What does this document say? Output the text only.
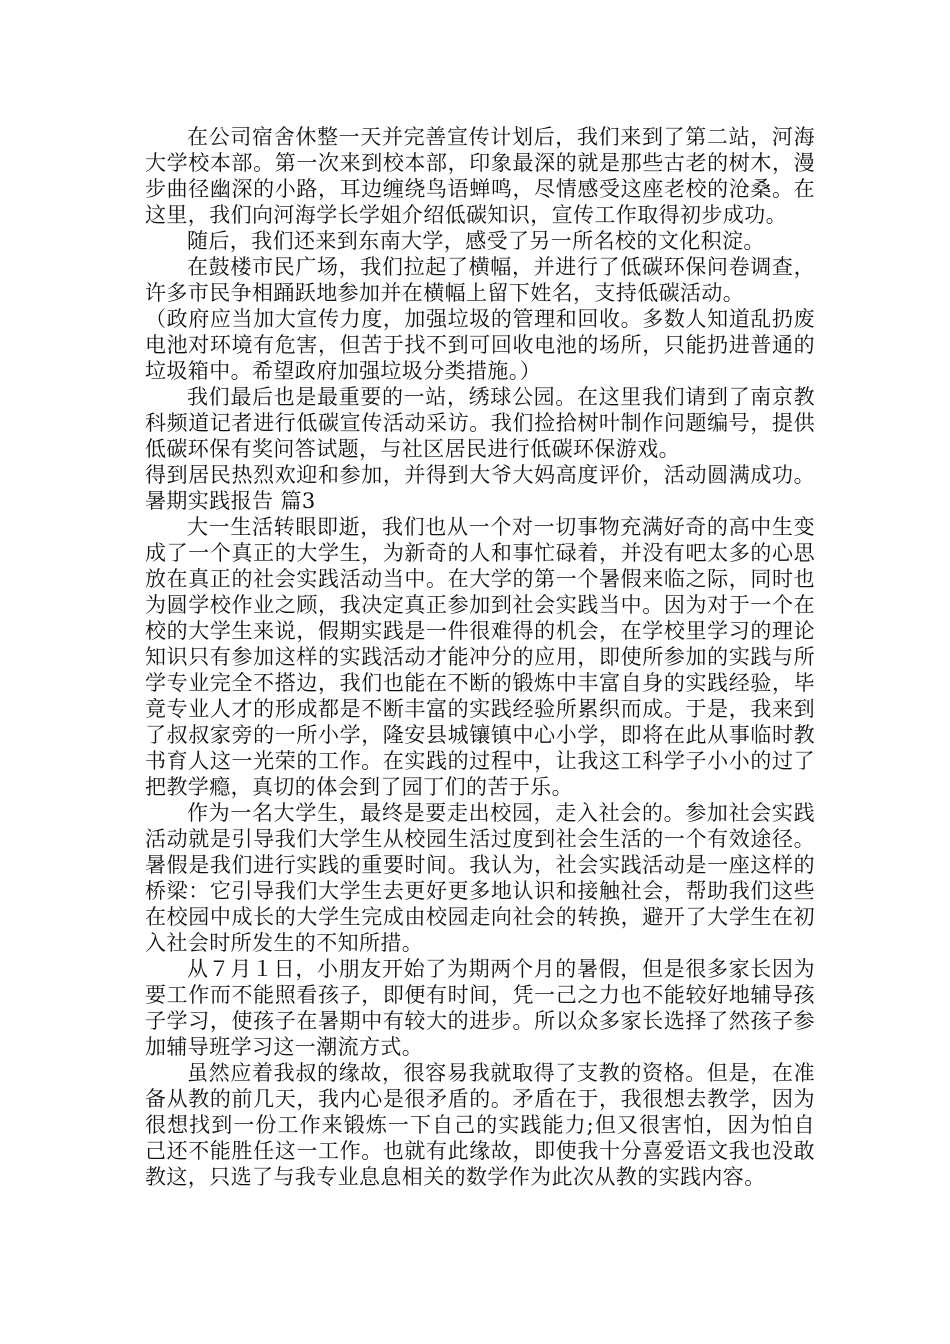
在公司宿舍休整一天并完善宣传计划后，我们来到了第二站，河海大学校本部。第一次来到校本部，印象最深的就是那些古老的树木，漫步曲径幽深的小路，耳边缠绕鸟语蝉鸣，尽情感受这座老校的沧桑。在这里，我们向河海学长学姐介绍低碳知识，宣传工作取得初步成功。

随后，我们还来到东南大学，感受了另一所名校的文化积淀。

在鼓楼市民广场，我们拉起了横幅，并进行了低碳环保问卷调查，许多市民争相踊跃地参加并在横幅上留下姓名，支持低碳活动。

（政府应当加大宣传力度，加强垃圾的管理和回收。多数人知道乱扔废电池对环境有危害，但苦于找不到可回收电池的场所，只能扔进普通的垃圾箱中。希望政府加强垃圾分类措施。）

我们最后也是最重要的一站，绣球公园。在这里我们请到了南京教科频道记者进行低碳宣传活动采访。我们捡拾树叶制作问题编号，提供低碳环保有奖问答试题，与社区居民进行低碳环保游戏。

得到居民热烈欢迎和参加，并得到大爷大妈高度评价，活动圆满成功。暑期实践报告 篇3

大一生活转眼即逝，我们也从一个对一切事物充满好奇的高中生变成了一个真正的大学生，为新奇的人和事忙碌着，并没有吧太多的心思放在真正的社会实践活动当中。在大学的第一个暑假来临之际，同时也为圆学校作业之顾，我决定真正参加到社会实践当中。因为对于一个在校的大学生来说，假期实践是一件很难得的机会，在学校里学习的理论知识只有参加这样的实践活动才能冲分的应用，即使所参加的实践与所学专业完全不搭边，我们也能在不断的锻炼中丰富自身的实践经验，毕竟专业人才的形成都是不断丰富的实践经验所累织而成。于是，我来到了叔叔家旁的一所小学，隆安县城镶镇中心小学，即将在此从事临时教书育人这一光荣的工作。在实践的过程中，让我这工科学子小小的过了把教学瘾，真切的体会到了园丁们的苦于乐。

作为一名大学生，最终是要走出校园，走入社会的。参加社会实践活动就是引导我们大学生从校园生活过度到社会生活的一个有效途径。暑假是我们进行实践的重要时间。我认为，社会实践活动是一座这样的桥梁：它引导我们大学生去更好更多地认识和接触社会，帮助我们这些在校园中成长的大学生完成由校园走向社会的转换，避开了大学生在初入社会时所发生的不知所措。

从７月１日，小朋友开始了为期两个月的暑假，但是很多家长因为要工作而不能照看孩子，即便有时间，凭一己之力也不能较好地辅导孩子学习，使孩子在暑期中有较大的进步。所以众多家长选择了然孩子参加辅导班学习这一潮流方式。

虽然应着我叔的缘故，很容易我就取得了支教的资格。但是，在准备从教的前几天，我内心是很矛盾的。矛盾在于，我很想去教学，因为很想找到一份工作来锻炼一下自己的实践能力;但又很害怕，因为怕自己还不能胜任这一工作。也就有此缘故，即使我十分喜爱语文我也没敢教这，只选了与我专业息息相关的数学作为此次从教的实践内容。
